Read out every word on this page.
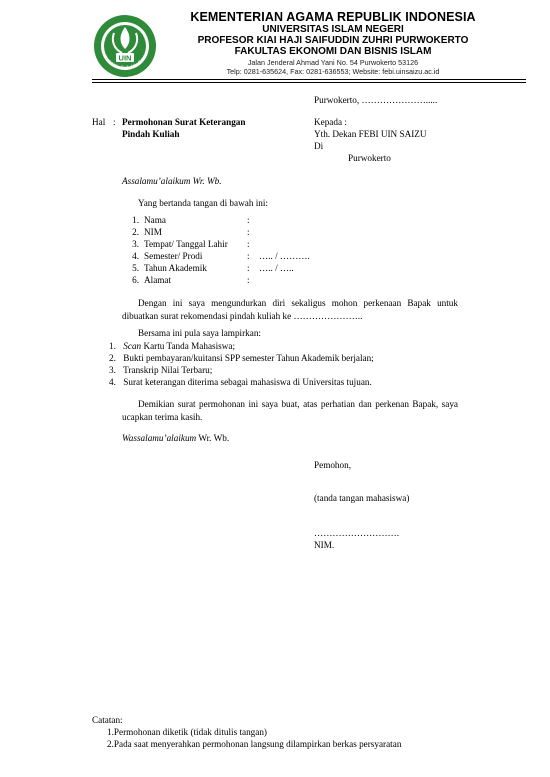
UIN
Prof. K.H. Saifuddin Zuhri
KEMENTERIAN AGAMA REPUBLIK INDONESIA
UNIVERSITAS ISLAM NEGERI
PROFESOR KIAI HAJI SAIFUDDIN ZUHRI PURWOKERTO
FAKULTAS EKONOMI DAN BISNIS ISLAM
Jalan Jenderal Ahmad Yani No. 54 Purwokerto 53126
Telp: 0281-635624, Fax: 0281-636553; Website: febi.uinsaizu.ac.id
Purwokerto, ………………….....
Hal : Permohonan Surat Keterangan
Pindah Kuliah
Kepada :
Yth. Dekan FEBI UIN SAIZU
Di
Purwokerto
Assalamu’alaikum Wr. Wb.
Yang bertanda tangan di bawah ini:
1. Nama	:
2. NIM	:
3. Tempat/ Tanggal Lahir :
4. Semester/ Prodi	: ….. / ……….
5. Tahun Akademik	: ….. / …..
6. Alamat	:
Dengan ini saya mengundurkan diri sekaligus mohon perkenaan Bapak untuk dibuatkan surat rekomendasi pindah kuliah ke …………………..
Bersama ini pula saya lampirkan:
1. Scan Kartu Tanda Mahasiswa;
2. Bukti pembayaran/kuitansi SPP semester Tahun Akademik berjalan;
3. Transkrip Nilai Terbaru;
4. Surat keterangan diterima sebagai mahasiswa di Universitas tujuan.
Demikian surat permohonan ini saya buat, atas perhatian dan perkenan Bapak, saya ucapkan terima kasih.
Wassalamu’alaikum Wr. Wb.
Pemohon,
(tanda tangan mahasiswa)
……………………….
NIM.
Catatan:
1.Permohonan diketik (tidak ditulis tangan)
2.Pada saat menyerahkan permohonan langsung dilampirkan berkas persyaratan
